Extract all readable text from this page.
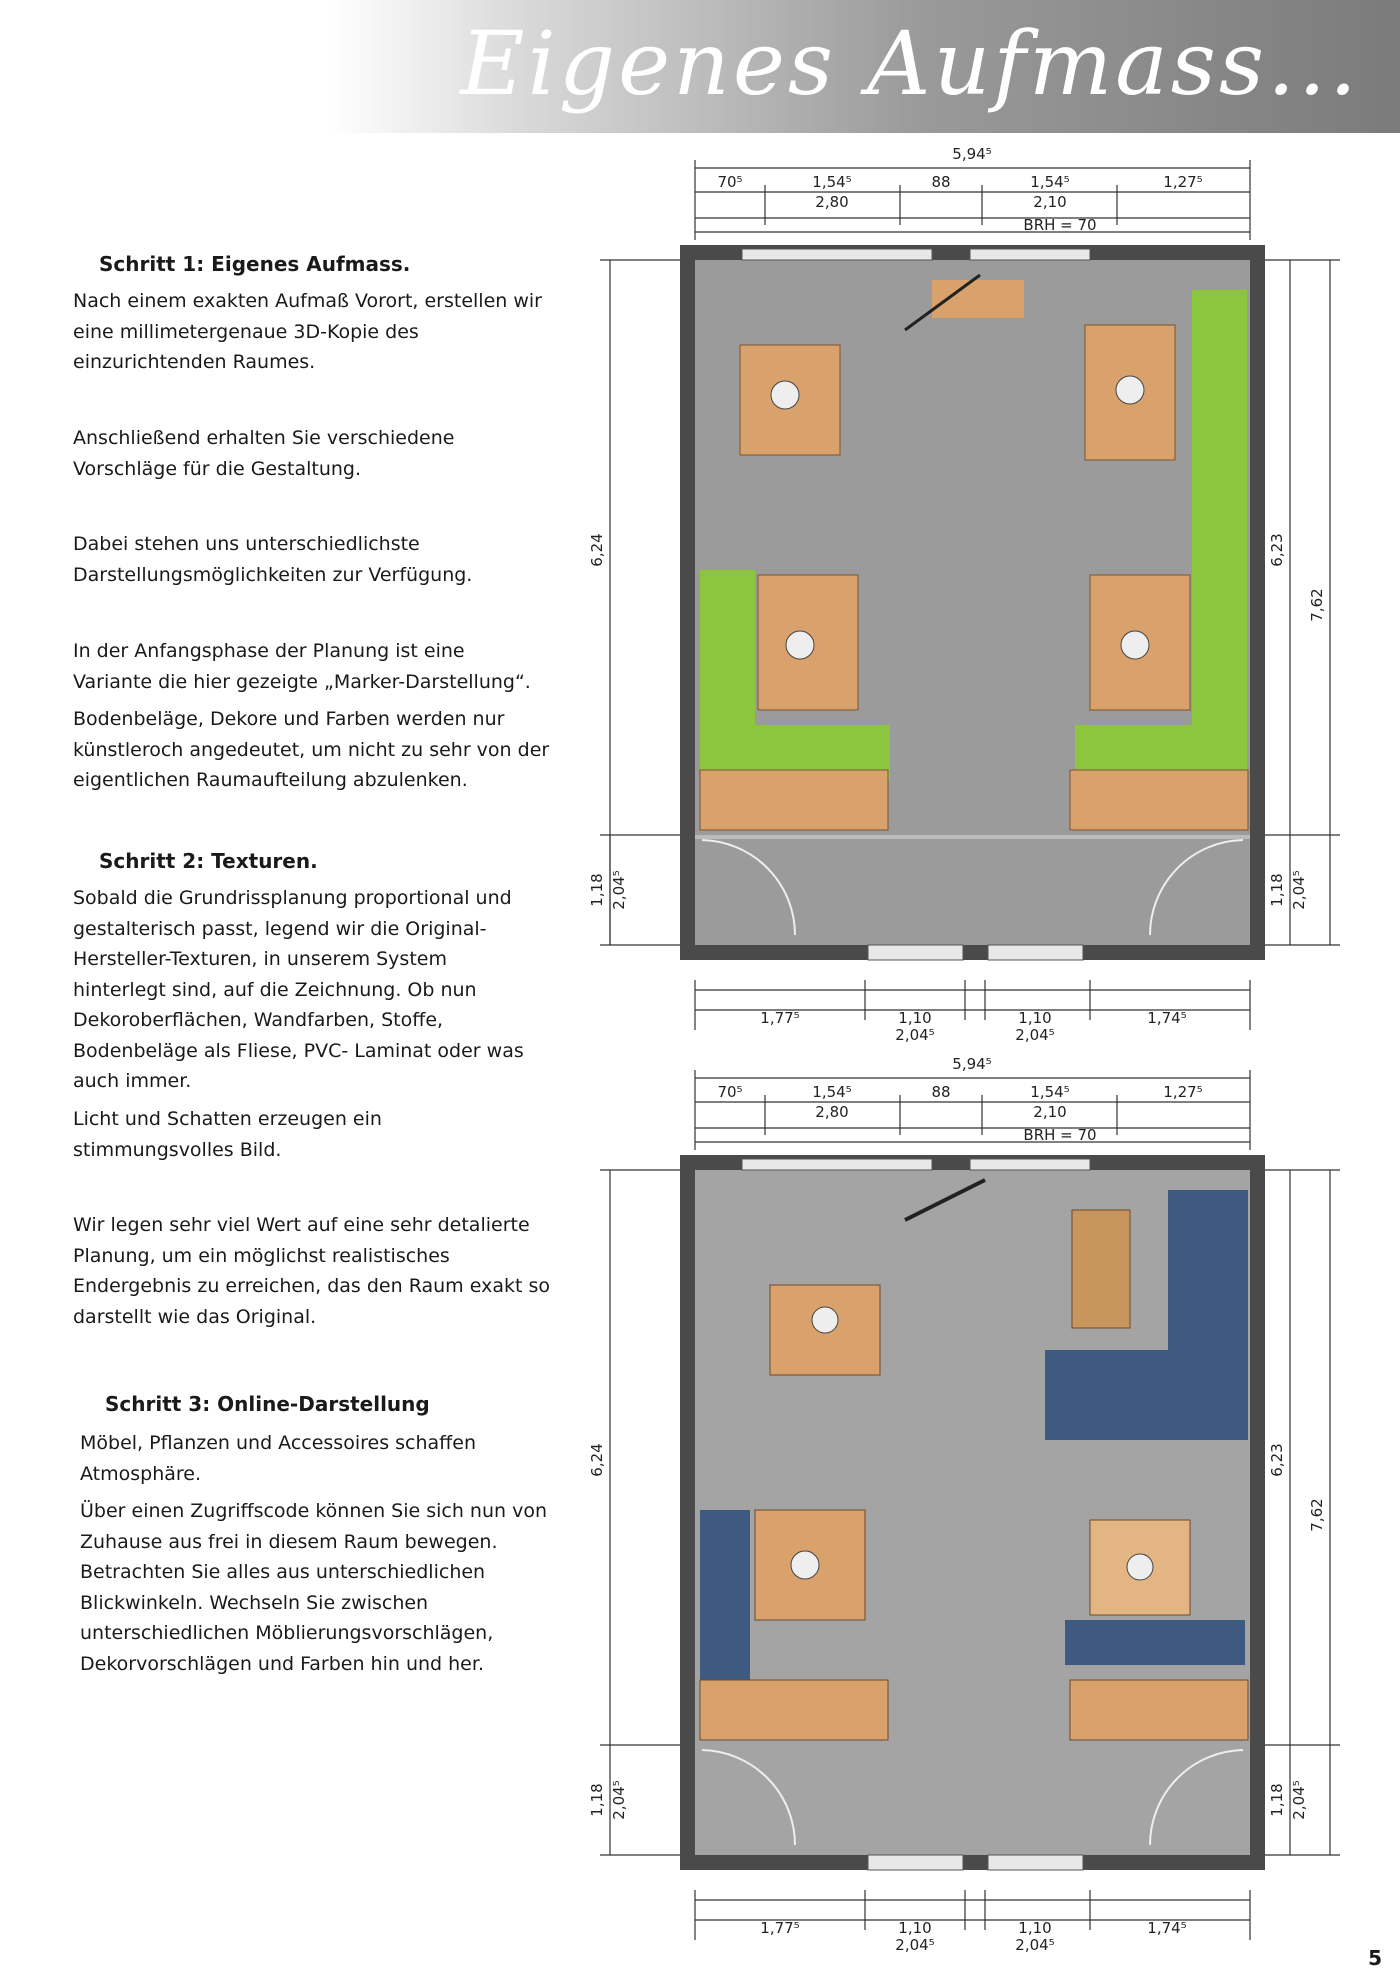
Eigenes Aufmass...
Schritt 1: Eigenes Aufmass.
Nach einem exakten Aufmaß Vorort, erstellen wir
eine millimetergenaue 3D-Kopie des
einzurichtenden Raumes.
Anschließend erhalten Sie verschiedene
Vorschläge für die Gestaltung.
Dabei stehen uns unterschiedlichste
Darstellungsmöglichkeiten zur Verfügung.
In der Anfangsphase der Planung ist eine
Variante die hier gezeigte „Marker-Darstellung“.
Bodenbeläge, Dekore und Farben werden nur
künstleroch angedeutet, um nicht zu sehr von der
eigentlichen Raumaufteilung abzulenken.
Schritt 2: Texturen.
Sobald die Grundrissplanung proportional und
gestalterisch passt, legend wir die Original-
Hersteller-Texturen, in unserem System
hinterlegt sind, auf die Zeichnung. Ob nun
Dekoroberflächen, Wandfarben, Stoffe,
Bodenbeläge als Fliese, PVC- Laminat oder was
auch immer.
Licht und Schatten erzeugen ein
stimmungsvolles Bild.
Wir legen sehr viel Wert auf eine sehr detalierte
Planung, um ein möglichst realistisches
Endergebnis zu erreichen, das den Raum exakt so
darstellt wie das Original.
Schritt 3: Online-Darstellung
Möbel, Pflanzen und Accessoires schaffen
Atmosphäre.
Über einen Zugriffscode können Sie sich nun von
Zuhause aus frei in diesem Raum bewegen.
Betrachten Sie alles aus unterschiedlichen
Blickwinkeln. Wechseln Sie zwischen
unterschiedlichen Möblierungsvorschlägen,
Dekorvorschlägen und Farben hin und her.
5,94⁵
70⁵	1,54⁵	88	1,54⁵	1,27⁵
2,80	2,10
BRH = 70
1,77⁵	1,10	1,10	1,74⁵
2,04⁵	2,04⁵
6,24
1,18 2,04⁵
6,23
7,62
1,18 2,04⁵
5,94⁵
70⁵	1,54⁵	88	1,54⁵	1,27⁵
2,80	2,10
BRH = 70
1,77⁵	1,10	1,10	1,74⁵
2,04⁵	2,04⁵
6,24
1,18 2,04⁵
6,23
7,62
1,18 2,04⁵
5
